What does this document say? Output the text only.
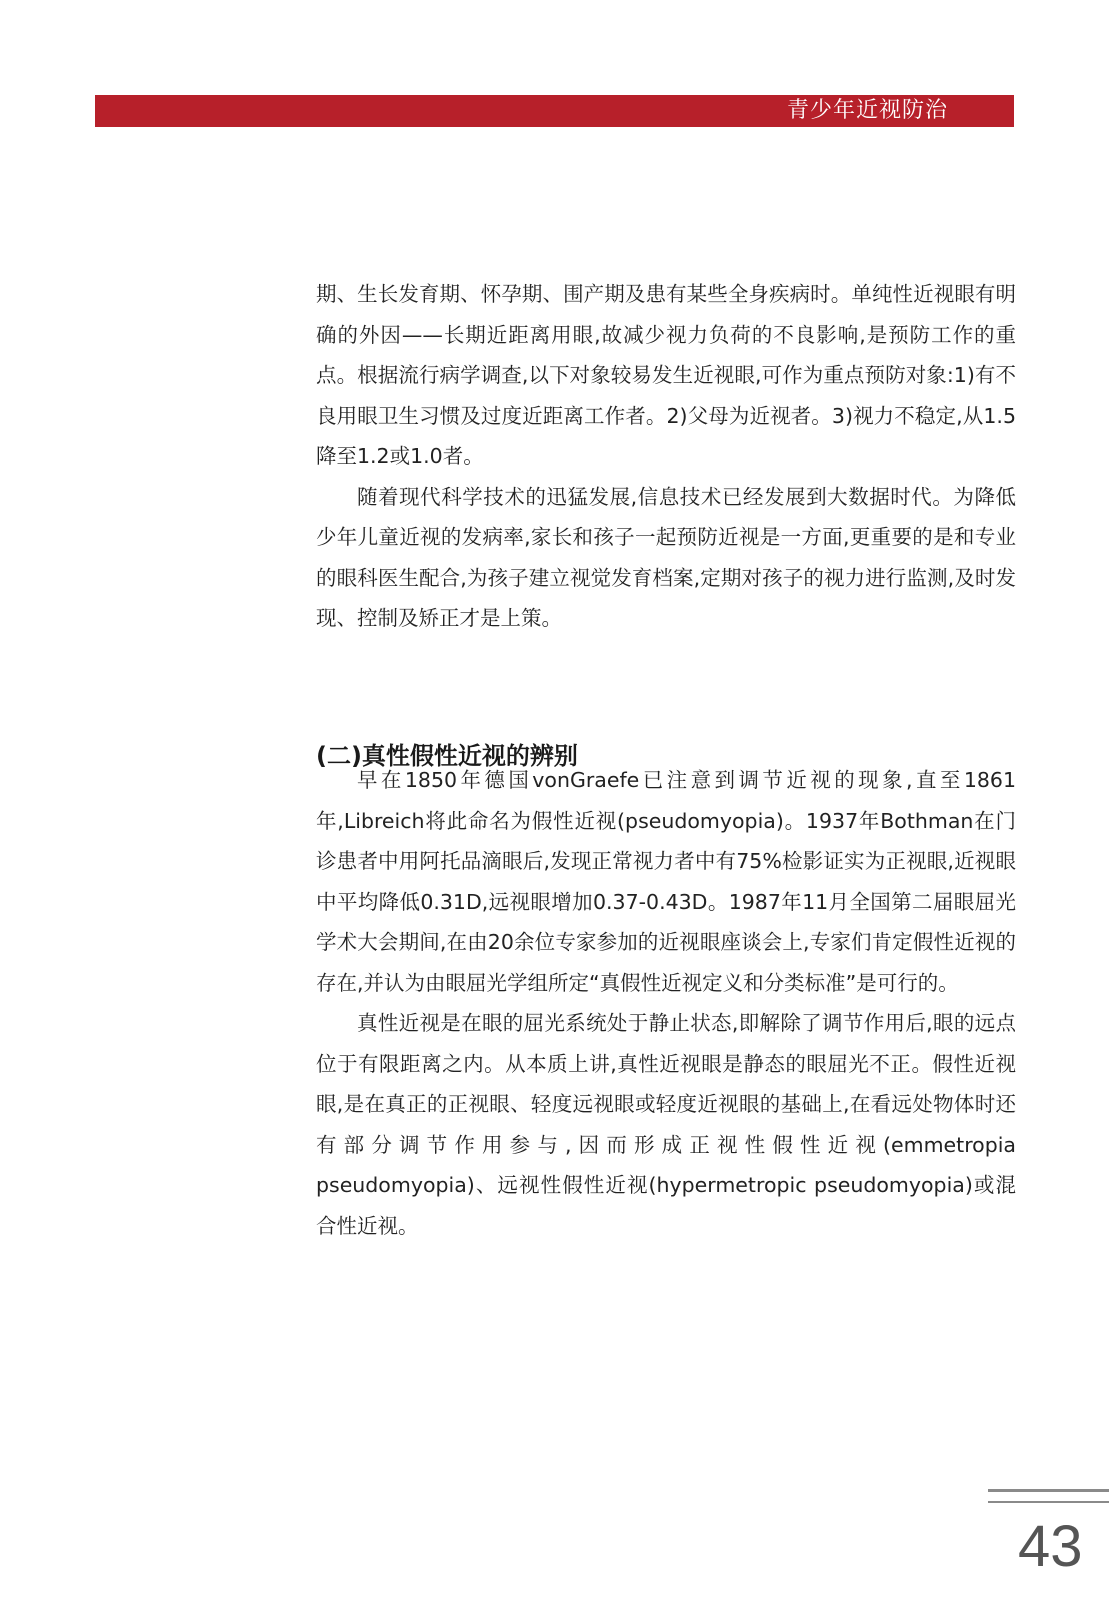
青少年近视防治

期、生长发育期、怀孕期、围产期及患有某些全身疾病时。单纯性近视眼有明确的外因——长期近距离用眼,故减少视力负荷的不良影响,是预防工作的重点。根据流行病学调查,以下对象较易发生近视眼,可作为重点预防对象:1)有不良用眼卫生习惯及过度近距离工作者。2)父母为近视者。3)视力不稳定,从1.5降至1.2或1.0者。

随着现代科学技术的迅猛发展,信息技术已经发展到大数据时代。为降低少年儿童近视的发病率,家长和孩子一起预防近视是一方面,更重要的是和专业的眼科医生配合,为孩子建立视觉发育档案,定期对孩子的视力进行监测,及时发现、控制及矫正才是上策。

(二)真性假性近视的辨别

早在1850年德国vonGraefe已注意到调节近视的现象,直至1861年,Libreich将此命名为假性近视(pseudomyopia)。1937年Bothman在门诊患者中用阿托品滴眼后,发现正常视力者中有75%检影证实为正视眼,近视眼中平均降低0.31D,远视眼增加0.37-0.43D。1987年11月全国第二届眼屈光学术大会期间,在由20余位专家参加的近视眼座谈会上,专家们肯定假性近视的存在,并认为由眼屈光学组所定“真假性近视定义和分类标准”是可行的。

真性近视是在眼的屈光系统处于静止状态,即解除了调节作用后,眼的远点位于有限距离之内。从本质上讲,真性近视眼是静态的眼屈光不正。假性近视眼,是在真正的正视眼、轻度远视眼或轻度近视眼的基础上,在看远处物体时还有部分调节作用参与,因而形成正视性假性近视(emmetropia pseudomyopia)、远视性假性近视(hypermetropic pseudomyopia)或混合性近视。

43
